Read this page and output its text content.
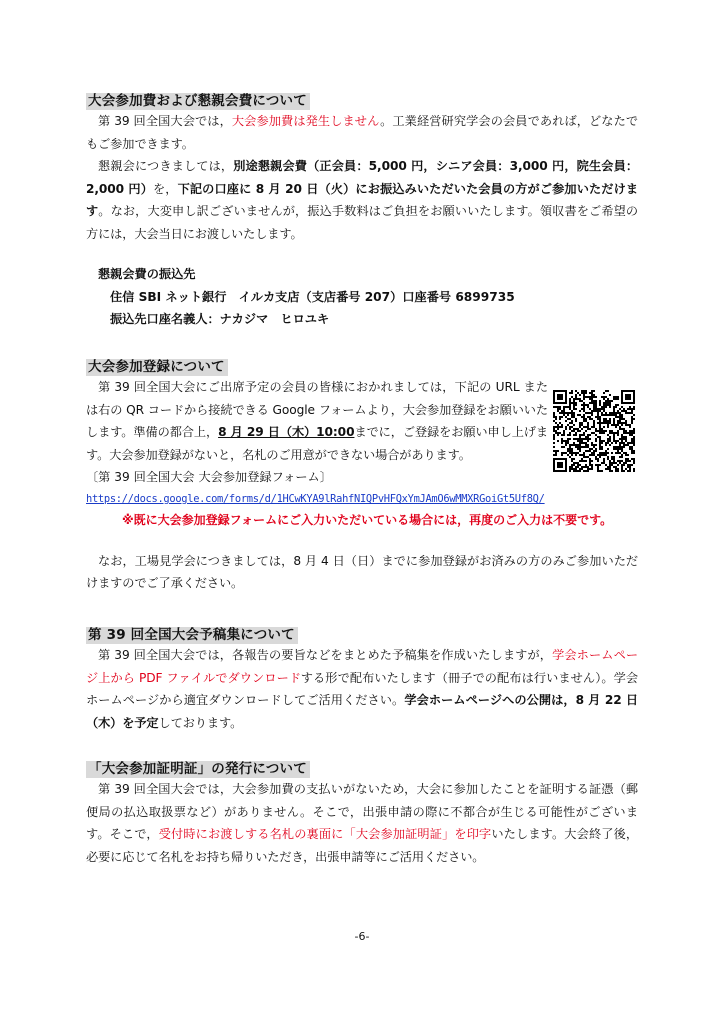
大会参加費および懇親会費について

第 39 回全国大会では，大会参加費は発生しません。工業経営研究学会の会員であれば，どなたでもご参加できます。

懇親会につきましては，別途懇親会費（正会員：5,000 円，シニア会員：3,000 円，院生会員：2,000 円）を，下記の口座に 8 月 20 日（火）にお振込みいただいた会員の方がご参加いただけます。なお，大変申し訳ございませんが，振込手数料はご負担をお願いいたします。領収書をご希望の方には，大会当日にお渡しいたします。

懇親会費の振込先
住信 SBI ネット銀行　イルカ支店（支店番号 207）口座番号 6899735
振込先口座名義人：ナカジマ　ヒロユキ
大会参加登録について

第 39 回全国大会にご出席予定の会員の皆様におかれましては，下記の URL または右の QR コードから接続できる Google フォームより，大会参加登録をお願いいたします。準備の都合上，8 月 29 日（木）10:00までに，ご登録をお願い申し上げます。大会参加登録がないと，名札のご用意ができない場合があります。

〔第 39 回全国大会 大会参加登録フォーム〕
https://docs.google.com/forms/d/1HCwKYA9lRahfNIQPvHFQxYmJAmO6wMMXRGoiGt5Uf8Q/
※既に大会参加登録フォームにご入力いただいている場合には，再度のご入力は不要です。

なお，工場見学会につきましては，8 月 4 日（日）までに参加登録がお済みの方のみご参加いただけますのでご了承ください。

第 39 回全国大会予稿集について

第 39 回全国大会では，各報告の要旨などをまとめた予稿集を作成いたしますが，学会ホームページ上から PDF ファイルでダウンロードする形で配布いたします（冊子での配布は行いません）。学会ホームページから適宜ダウンロードしてご活用ください。学会ホームページへの公開は，8 月 22 日（木）を予定しております。

「大会参加証明証」の発行について

第 39 回全国大会では，大会参加費の支払いがないため，大会に参加したことを証明する証憑（郵便局の払込取扱票など）がありません。そこで，出張申請の際に不都合が生じる可能性がございます。そこで，受付時にお渡しする名札の裏面に「大会参加証明証」を印字いたします。大会終了後，必要に応じて名札をお持ち帰りいただき，出張申請等にご活用ください。

-6-
